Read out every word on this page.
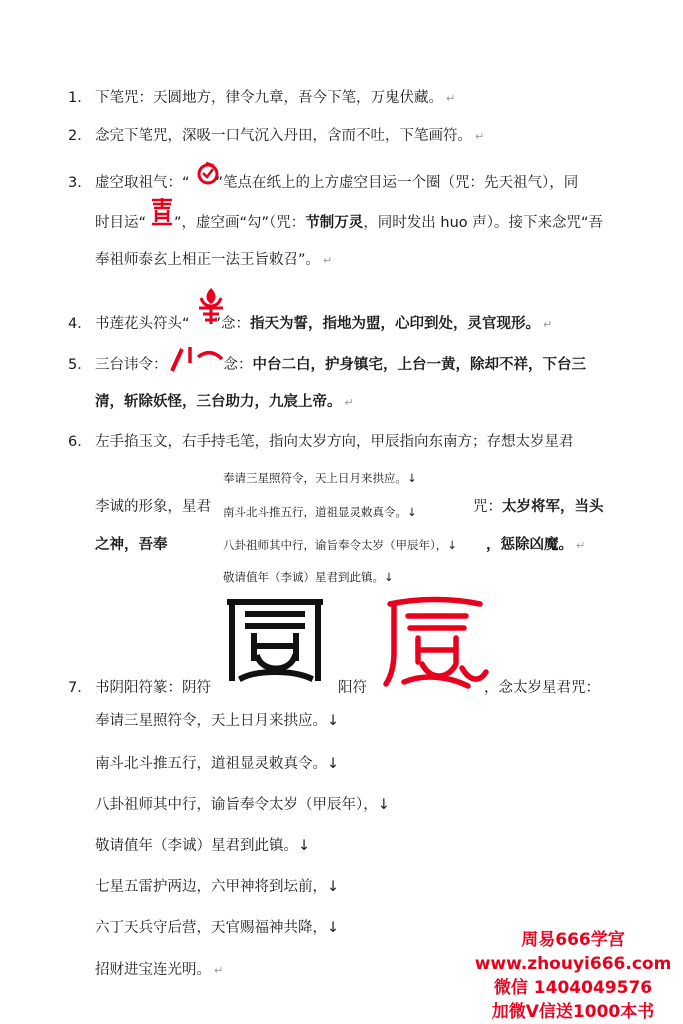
1． 下笔咒：天圆地方，律令九章，吾今下笔，万鬼伏藏。 ↵
2． 念完下笔咒，深吸一口气沉入丹田，含而不吐，下笔画符。 ↵
3． 虚空取祖气：“ ”笔点在纸上的上方虚空目运一个圈（咒：先天祖气），同
时目运“ ”，虚空画“勾”（咒：节制万灵，同时发出 huo 声）。接下来念咒“吾
奉祖师泰玄上相正一法王旨敕召”。 ↵
4． 书莲花头符头“ ”念：指天为誓，指地为盟，心印到处，灵官现形。 ↵
5． 三台讳令：	念：中台二白，护身镇宅，上台一黄，除却不祥，下台三
清，斩除妖怪，三台助力，九宸上帝。 ↵
6． 左手掐玉文，右手持毛笔，指向太岁方向，甲辰指向东南方；存想太岁星君
李诚的形象，星君	咒：太岁将军，当头
之神，吾奉	，惩除凶魔。 ↵
奉请三星照符令，天上日月来拱应。↓
南斗北斗推五行，道祖显灵敕真令。↓
八卦祖师其中行，谕旨奉令太岁（甲辰年），↓
敬请值年（李诚）星君到此镇。↓
7． 书阴阳符篆：阴符	阳符	，念太岁星君咒：
奉请三星照符令，天上日月来拱应。↓
南斗北斗推五行，道祖显灵敕真令。↓
八卦祖师其中行，谕旨奉令太岁（甲辰年），↓
敬请值年（李诚）星君到此镇。↓
七星五雷护两边，六甲神将到坛前，↓
六丁天兵守后营，天官赐福神共降，↓
招财进宝连光明。 ↵
周易666学宫
www.zhouyi666.com
微信 1404049576
加微V信送1000本书
